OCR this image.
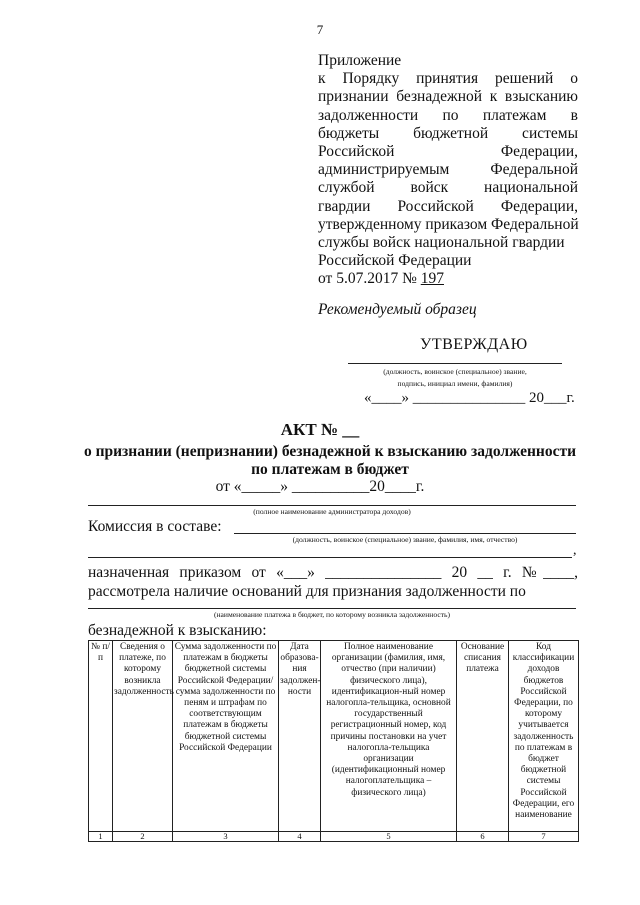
7
Приложение
к Порядку принятия решений о
признании безнадежной к взысканию
задолженности по платежам в
бюджеты бюджетной системы
Российской Федерации,
администрируемым Федеральной
службой войск национальной
гвардии Российской Федерации,
утвержденному приказом Федеральной
службы войск национальной гвардии
Российской Федерации
от 5.07.2017 № 197
Рекомендуемый образец
УТВЕРЖДАЮ
(должность, воинское (специальное) звание,
подпись, инициал имени, фамилия)
«____» _______________ 20___г.
АКТ № __
о признании (непризнании) безнадежной к взысканию задолженности
по платежам в бюджет
от «_____» __________20____г.
(полное наименование администратора доходов)
Комиссия в составе:
(должность, воинское (специальное) звание, фамилия, имя, отчество)
,
назначенная приказом от «___» _______________ 20 __ г. №____,
рассмотрела наличие оснований для признания задолженности по
(наименование платежа в бюджет, по которому возникла задолженность)
безнадежной к взысканию:
№ п/п	Сведения о платеже, по которому возникла задолженность	Сумма задолженности по платежам в бюджеты бюджетной системы Российской Федерации/сумма задолженности по пеням и штрафам по соответствующим платежам в бюджеты бюджетной системы Российской Федерации	Дата образова-ния задолжен-ности	Полное наименование организации (фамилия, имя, отчество (при наличии) физического лица), идентификацион-ный номер налогопла-тельщика, основной государственный регистрационный номер, код причины постановки на учет налогопла-тельщика организации (идентификационный номер налогоплательщика – физического лица)	Основание списания платежа	Код классификации доходов бюджетов Российской Федерации, по которому учитывается задолженность по платежам в бюджет бюджетной системы Российской Федерации, его наименование
1	2	3	4	5	6	7
